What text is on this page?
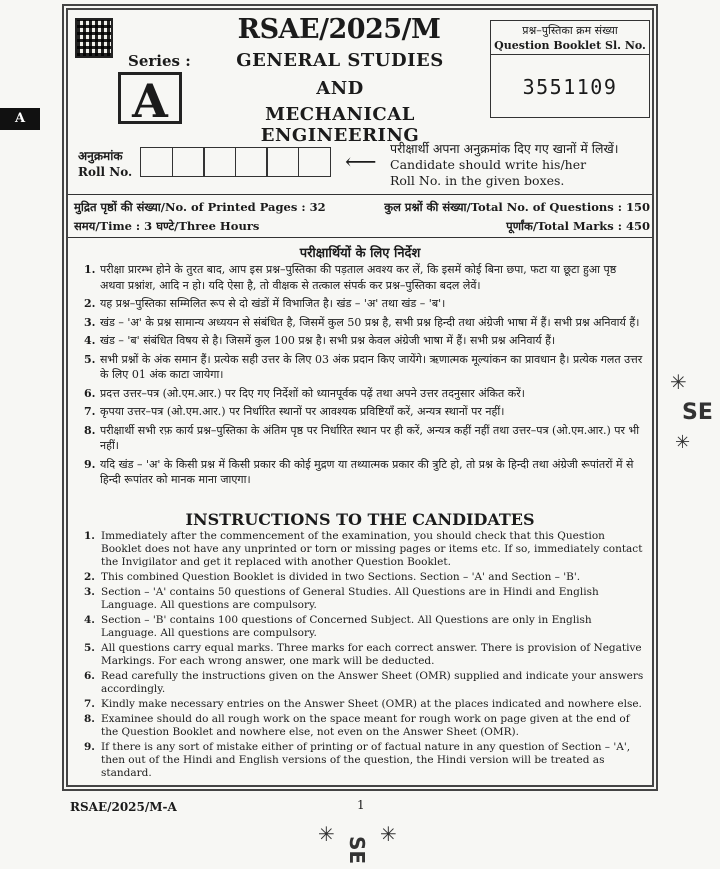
A
RSAE/2025/M
GENERAL STUDIES
AND
MECHANICAL ENGINEERING
Series :
A
प्रश्न–पुस्तिका क्रम संख्या
Question Booklet Sl. No.
3551109
अनुक्रमांक
Roll No.	⟵
परीक्षार्थी अपना अनुक्रमांक दिए गए खानों में लिखें।
Candidate should write his/her
Roll No. in the given boxes.
मुद्रित पृष्ठों की संख्या/No. of Printed Pages : 32	कुल प्रश्नों की संख्या/Total No. of Questions : 150
समय/Time : 3 घण्टे/Three Hours	पूर्णांक/Total Marks : 450
परीक्षार्थियों के लिए निर्देश
1. परीक्षा प्रारम्भ होने के तुरत बाद, आप इस प्रश्न–पुस्तिका की पड़ताल अवश्य कर लें, कि इसमें कोई बिना छपा, फटा या छूटा हुआ पृष्ठ अथवा प्रश्नांश, आदि न हो। यदि ऐसा है, तो वीक्षक से तत्काल संपर्क कर प्रश्न–पुस्तिका बदल लेवें।
2. यह प्रश्न–पुस्तिका सम्मिलित रूप से दो खंडों में विभाजित है। खंड – 'अ' तथा खंड – 'ब'।
3. खंड – 'अ' के प्रश्न सामान्य अध्ययन से संबंधित है, जिसमें कुल 50 प्रश्न है, सभी प्रश्न हिन्दी तथा अंग्रेजी भाषा में हैं। सभी प्रश्न अनिवार्य हैं।
4. खंड – 'ब' संबंधित विषय से है। जिसमें कुल 100 प्रश्न है। सभी प्रश्न केवल अंग्रेजी भाषा में हैं। सभी प्रश्न अनिवार्य हैं।
5. सभी प्रश्नों के अंक समान हैं। प्रत्येक सही उत्तर के लिए 03 अंक प्रदान किए जायेंगे। ऋणात्मक मूल्यांकन का प्रावधान है। प्रत्येक गलत उत्तर के लिए 01 अंक काटा जायेगा।
6. प्रदत्त उत्तर–पत्र (ओ.एम.आर.) पर दिए गए निर्देशों को ध्यानपूर्वक पढ़ें तथा अपने उत्तर तदनुसार अंकित करें।
7. कृपया उत्तर–पत्र (ओ.एम.आर.) पर निर्धारित स्थानों पर आवश्यक प्रविष्टियाँ करें, अन्यत्र स्थानों पर नहीं।
8. परीक्षार्थी सभी रफ़ कार्य प्रश्न–पुस्तिका के अंतिम पृष्ठ पर निर्धारित स्थान पर ही करें, अन्यत्र कहीं नहीं तथा उत्तर–पत्र (ओ.एम.आर.) पर भी नहीं।
9. यदि खंड – 'अ' के किसी प्रश्न में किसी प्रकार की कोई मुद्रण या तथ्यात्मक प्रकार की त्रुटि हो, तो प्रश्न के हिन्दी तथा अंग्रेजी रूपांतरों में से हिन्दी रूपांतर को मानक माना जाएगा।
INSTRUCTIONS TO THE CANDIDATES
1. Immediately after the commencement of the examination, you should check that this Question Booklet does not have any unprinted or torn or missing pages or items etc. If so, immediately contact the Invigilator and get it replaced with another Question Booklet.
2. This combined Question Booklet is divided in two Sections. Section – 'A' and Section – 'B'.
3. Section – 'A' contains 50 questions of General Studies. All Questions are in Hindi and English Language. All questions are compulsory.
4. Section – 'B' contains 100 questions of Concerned Subject. All Questions are only in English Language. All questions are compulsory.
5. All questions carry equal marks. Three marks for each correct answer. There is provision of Negative Markings. For each wrong answer, one mark will be deducted.
6. Read carefully the instructions given on the Answer Sheet (OMR) supplied and indicate your answers accordingly.
7. Kindly make necessary entries on the Answer Sheet (OMR) at the places indicated and nowhere else.
8. Examinee should do all rough work on the space meant for rough work on page given at the end of the Question Booklet and nowhere else, not even on the Answer Sheet (OMR).
9. If there is any sort of mistake either of printing or of factual nature in any question of Section – 'A', then out of the Hindi and English versions of the question, the Hindi version will be treated as standard.
RSAE/2025/M-A	1
✳
SE
✳
✳ ✳
SE
